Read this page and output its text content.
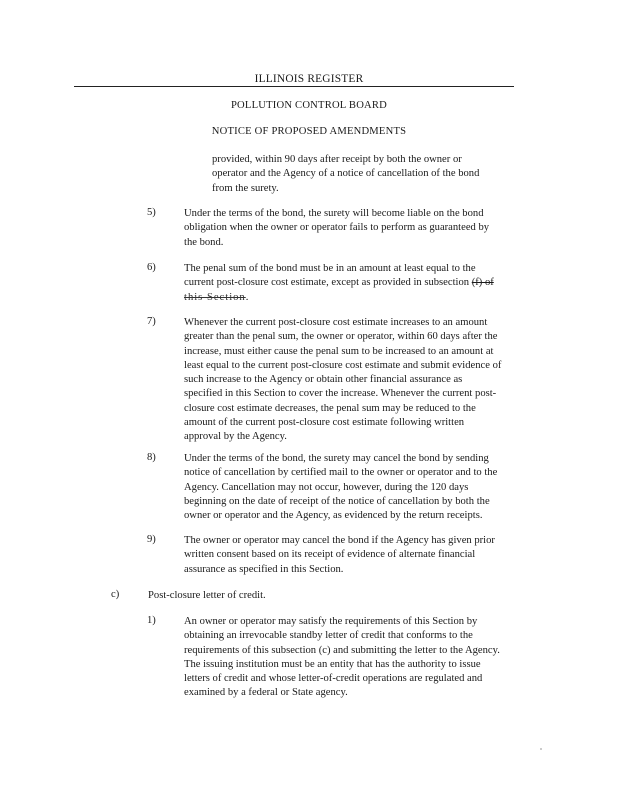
ILLINOIS REGISTER
POLLUTION CONTROL BOARD
NOTICE OF PROPOSED AMENDMENTS
provided, within 90 days after receipt by both the owner or
operator and the Agency of a notice of cancellation of the bond
from the surety.
5)	Under the terms of the bond, the surety will become liable on the bond
obligation when the owner or operator fails to perform as guaranteed by
the bond.
6)	The penal sum of the bond must be in an amount at least equal to the
current post-closure cost estimate, except as provided in subsection (f) of
this Section.
7)	Whenever the current post-closure cost estimate increases to an amount
greater than the penal sum, the owner or operator, within 60 days after the
increase, must either cause the penal sum to be increased to an amount at
least equal to the current post-closure cost estimate and submit evidence of
such increase to the Agency or obtain other financial assurance as
specified in this Section to cover the increase. Whenever the current post-
closure cost estimate decreases, the penal sum may be reduced to the
amount of the current post-closure cost estimate following written
approval by the Agency.
8)	Under the terms of the bond, the surety may cancel the bond by sending
notice of cancellation by certified mail to the owner or operator and to the
Agency. Cancellation may not occur, however, during the 120 days
beginning on the date of receipt of the notice of cancellation by both the
owner or operator and the Agency, as evidenced by the return receipts.
9)	The owner or operator may cancel the bond if the Agency has given prior
written consent based on its receipt of evidence of alternate financial
assurance as specified in this Section.
c)	Post-closure letter of credit.
1)	An owner or operator may satisfy the requirements of this Section by
obtaining an irrevocable standby letter of credit that conforms to the
requirements of this subsection (c) and submitting the letter to the Agency.
The issuing institution must be an entity that has the authority to issue
letters of credit and whose letter-of-credit operations are regulated and
examined by a federal or State agency.
